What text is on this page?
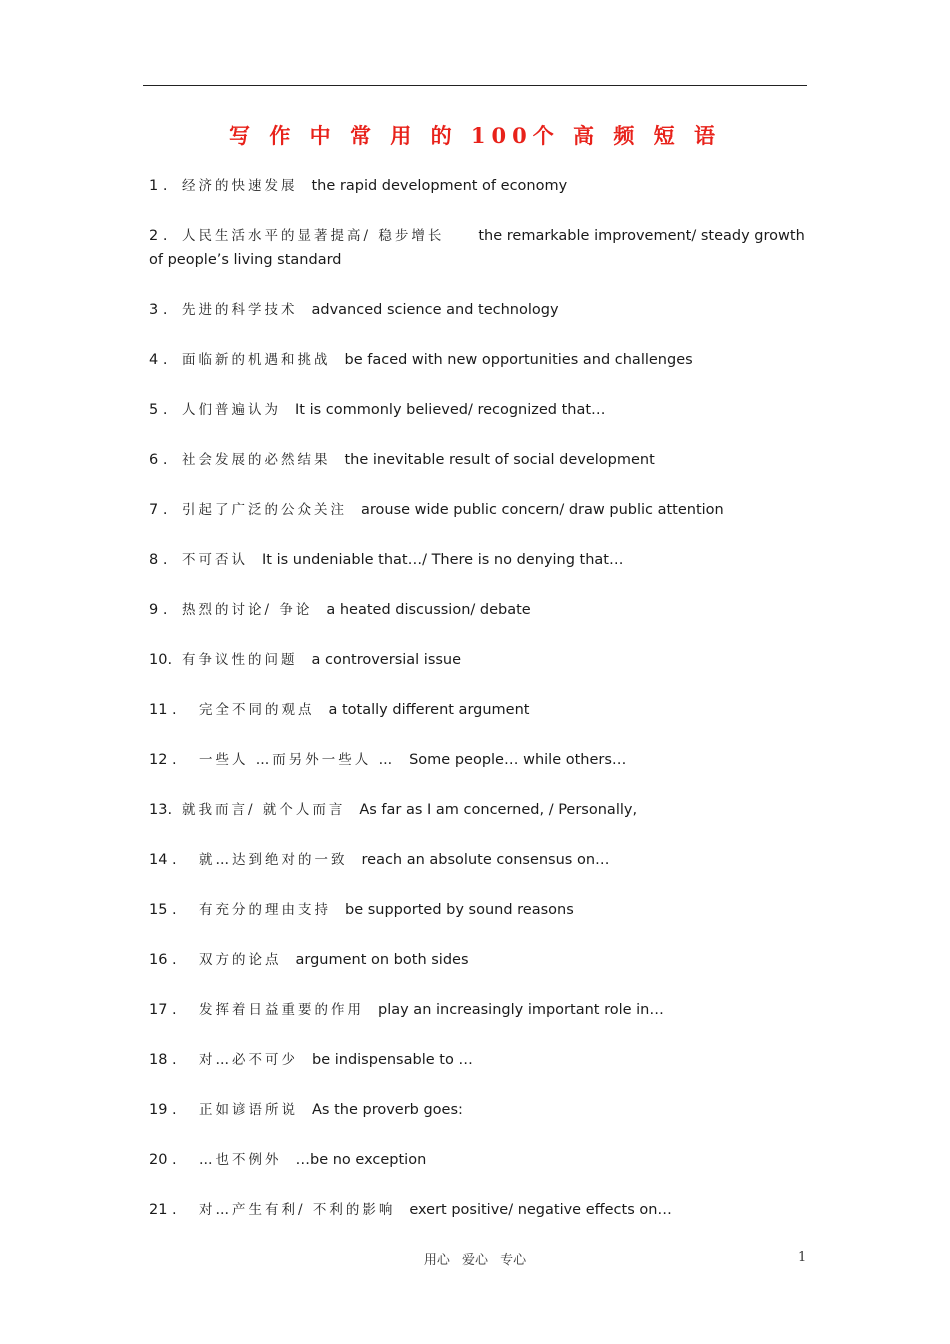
写 作 中 常 用 的 100个 高 频 短 语
1 . 经济的快速发展 the rapid development of economy
2 . 人民生活水平的显著提高/ 稳步增长 the remarkable improvement/ steady growth of people’s living standard
3 . 先进的科学技术 advanced science and technology
4 . 面临新的机遇和挑战 be faced with new opportunities and challenges
5 . 人们普遍认为 It is commonly believed/ recognized that…
6 . 社会发展的必然结果 the inevitable result of social development
7 . 引起了广泛的公众关注 arouse wide public concern/ draw public attention
8 . 不可否认 It is undeniable that…/ There is no denying that…
9 . 热烈的讨论/ 争论 a heated discussion/ debate
10. 有争议性的问题 a controversial issue
11 . 完全不同的观点 a totally different argument
12 . 一些人 …而另外一些人 … Some people… while others…
13. 就我而言/ 就个人而言 As far as I am concerned, / Personally,
14 . 就…达到绝对的一致 reach an absolute consensus on…
15 . 有充分的理由支持 be supported by sound reasons
16 . 双方的论点 argument on both sides
17 . 发挥着日益重要的作用 play an increasingly important role in…
18 . 对…必不可少 be indispensable to …
19 . 正如谚语所说 As the proverb goes:
20 . …也不例外 …be no exception
21 . 对…产生有利/ 不利的影响 exert positive/ negative effects on…
用心 爱心 专心	1
